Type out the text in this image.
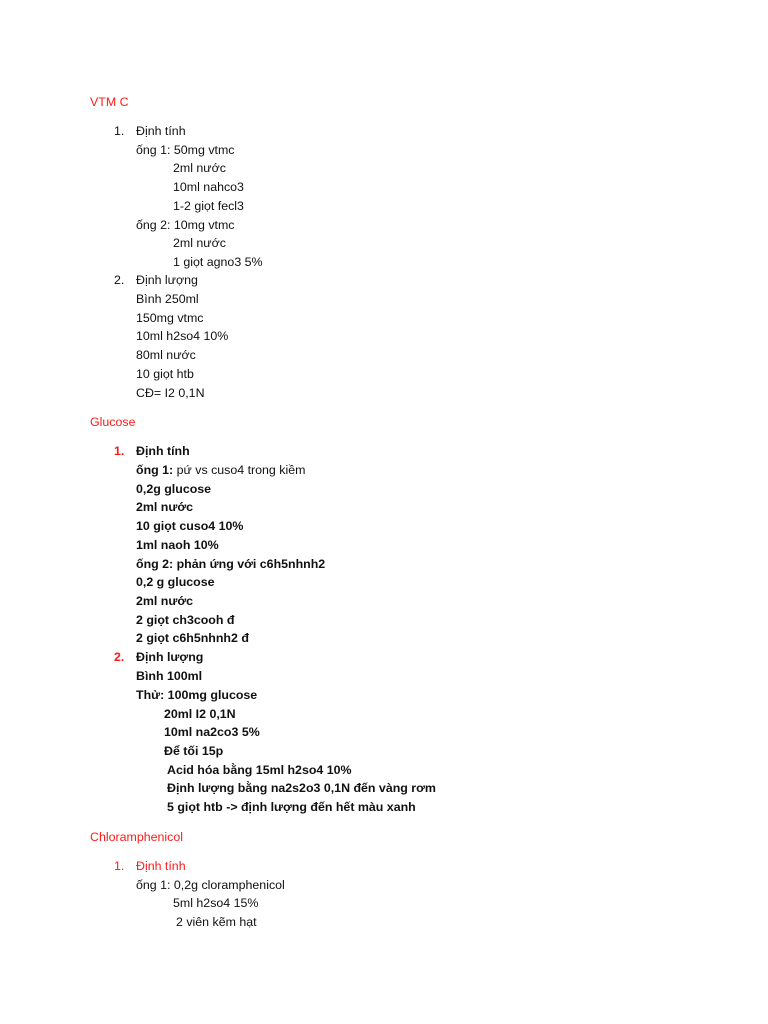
VTM C
1. Định tính
ống 1: 50mg vtmc
2ml nước
10ml nahco3
1-2 giọt fecl3
ống 2: 10mg vtmc
2ml nước
1 giọt agno3 5%
2. Định lượng
Bình 250ml
150mg vtmc
10ml h2so4 10%
80ml nước
10 giọt htb
CĐ= I2 0,1N
Glucose
1. Định tính
ống 1: pứ vs cuso4 trong kiềm
0,2g glucose
2ml nước
10 giọt cuso4 10%
1ml naoh 10%
ống 2: phản ứng với c6h5nhnh2
0,2 g glucose
2ml nước
2 giọt ch3cooh đ
2 giọt c6h5nhnh2 đ
2. Định lượng
Bình 100ml
Thử: 100mg glucose
20ml I2 0,1N
10ml na2co3 5%
Để tối 15p
Acid hóa bằng 15ml h2so4 10%
Định lượng bằng na2s2o3 0,1N đến vàng rơm
5 giọt htb -> định lượng đến hết màu xanh
Chloramphenicol
1. Định tính
ống 1: 0,2g cloramphenicol
5ml h2so4 15%
2 viên kẽm hạt
